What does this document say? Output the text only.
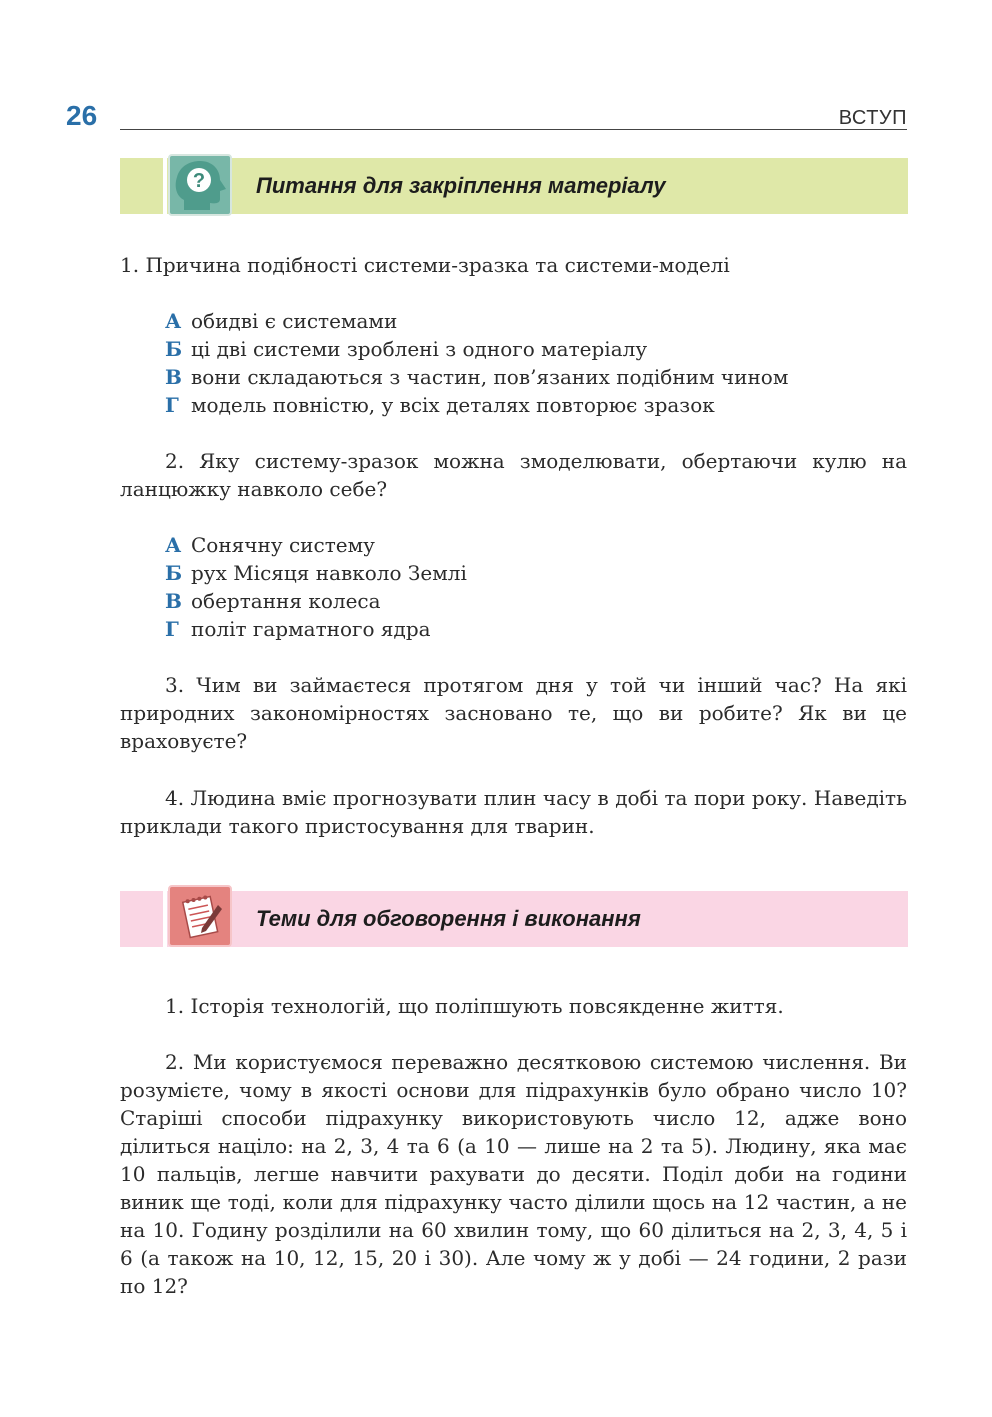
26	ВСТУП
? Питання для закріплення матеріалу
1. Причина подібності системи-зразка та системи-моделі
А обидві є системами
Б ці дві системи зроблені з одного матеріалу
В вони складаються з частин, пов’язаних подібним чином
Г модель повністю, у всіх деталях повторює зразок
2. Яку систему-зразок можна змоделювати, обертаючи кулю на ланцюжку навколо себе?
А Сонячну систему
Б рух Місяця навколо Землі
В обертання колеса
Г політ гарматного ядра
3. Чим ви займаєтеся протягом дня у той чи інший час? На які природних закономірностях засновано те, що ви робите? Як ви це враховуєте?
4. Людина вміє прогнозувати плин часу в добі та пори року. Наведіть приклади такого пристосування для тварин.
Теми для обговорення і виконання
1. Історія технологій, що поліпшують повсякденне життя.
2. Ми користуємося переважно десятковою системою числення. Ви розумієте, чому в якості основи для підрахунків було обрано число 10? Старіші способи підрахунку використовують число 12, адже воно ділиться націло: на 2, 3, 4 та 6 (а 10 — лише на 2 та 5). Людину, яка має 10 пальців, легше навчити рахувати до десяти. Поділ доби на години виник ще тоді, коли для підрахунку часто ділили щось на 12 частин, а не на 10. Годину розділили на 60 хвилин тому, що 60 ділиться на 2, 3, 4, 5 і 6 (а також на 10, 12, 15, 20 і 30). Але чому ж у добі — 24 години, 2 рази по 12?
